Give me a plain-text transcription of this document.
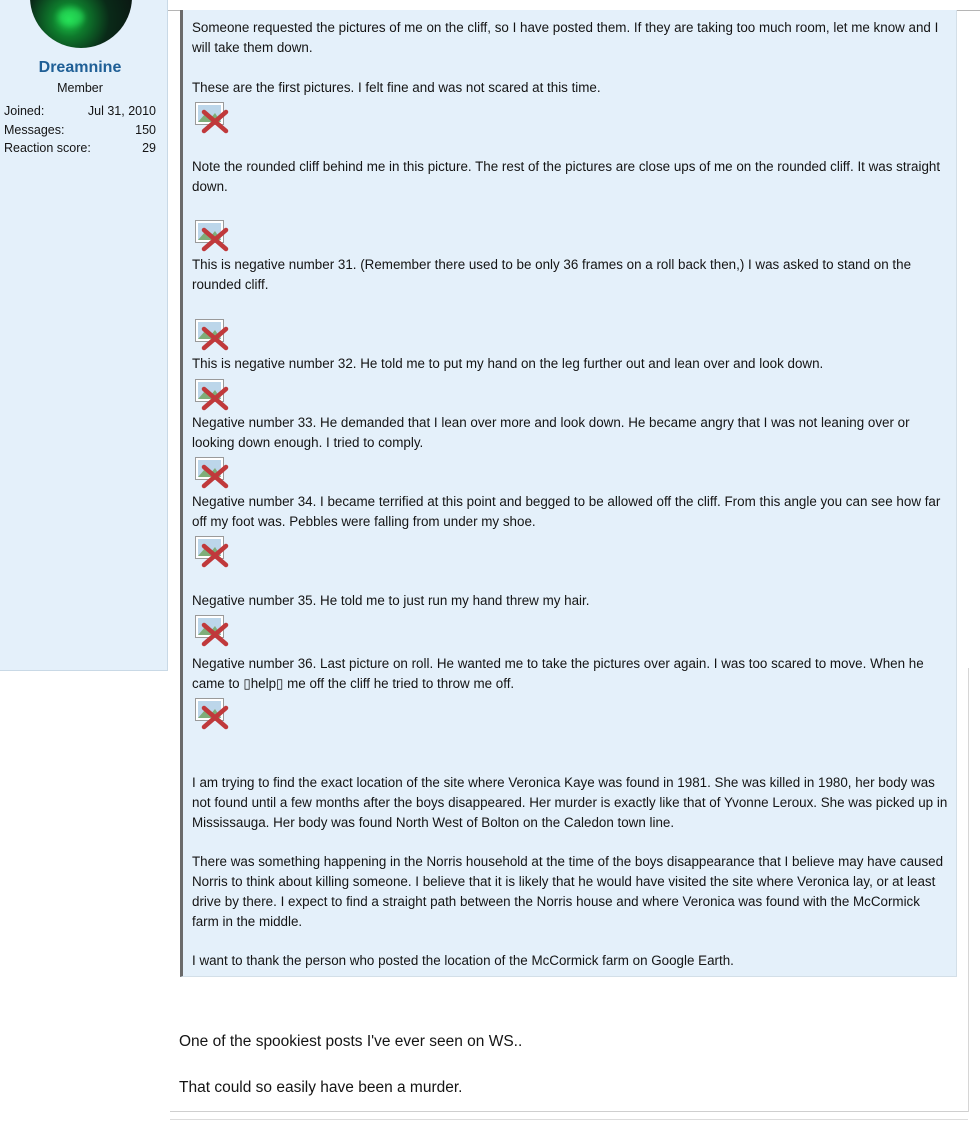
Dreamnine
Member
Joined:	Jul 31, 2010
Messages:	150
Reaction score:	29

Someone requested the pictures of me on the cliff, so I have posted them. If they are taking too much room, let me know and I will take them down.

These are the first pictures. I felt fine and was not scared at this time.

Note the rounded cliff behind me in this picture. The rest of the pictures are close ups of me on the rounded cliff. It was straight down.

This is negative number 31. (Remember there used to be only 36 frames on a roll back then,) I was asked to stand on the rounded cliff.

This is negative number 32. He told me to put my hand on the leg further out and lean over and look down.

Negative number 33. He demanded that I lean over more and look down. He became angry that I was not leaning over or looking down enough. I tried to comply.

Negative number 34. I became terrified at this point and begged to be allowed off the cliff. From this angle you can see how far off my foot was. Pebbles were falling from under my shoe.

Negative number 35. He told me to just run my hand threw my hair.

Negative number 36. Last picture on roll. He wanted me to take the pictures over again. I was too scared to move. When he came to ▯help▯ me off the cliff he tried to throw me off.

I am trying to find the exact location of the site where Veronica Kaye was found in 1981. She was killed in 1980, her body was not found until a few months after the boys disappeared. Her murder is exactly like that of Yvonne Leroux. She was picked up in Mississauga. Her body was found North West of Bolton on the Caledon town line.

There was something happening in the Norris household at the time of the boys disappearance that I believe may have caused Norris to think about killing someone. I believe that it is likely that he would have visited the site where Veronica lay, or at least drive by there. I expect to find a straight path between the Norris house and where Veronica was found with the McCormick farm in the middle.

I want to thank the person who posted the location of the McCormick farm on Google Earth.

One of the spookiest posts I've ever seen on WS..

That could so easily have been a murder.
